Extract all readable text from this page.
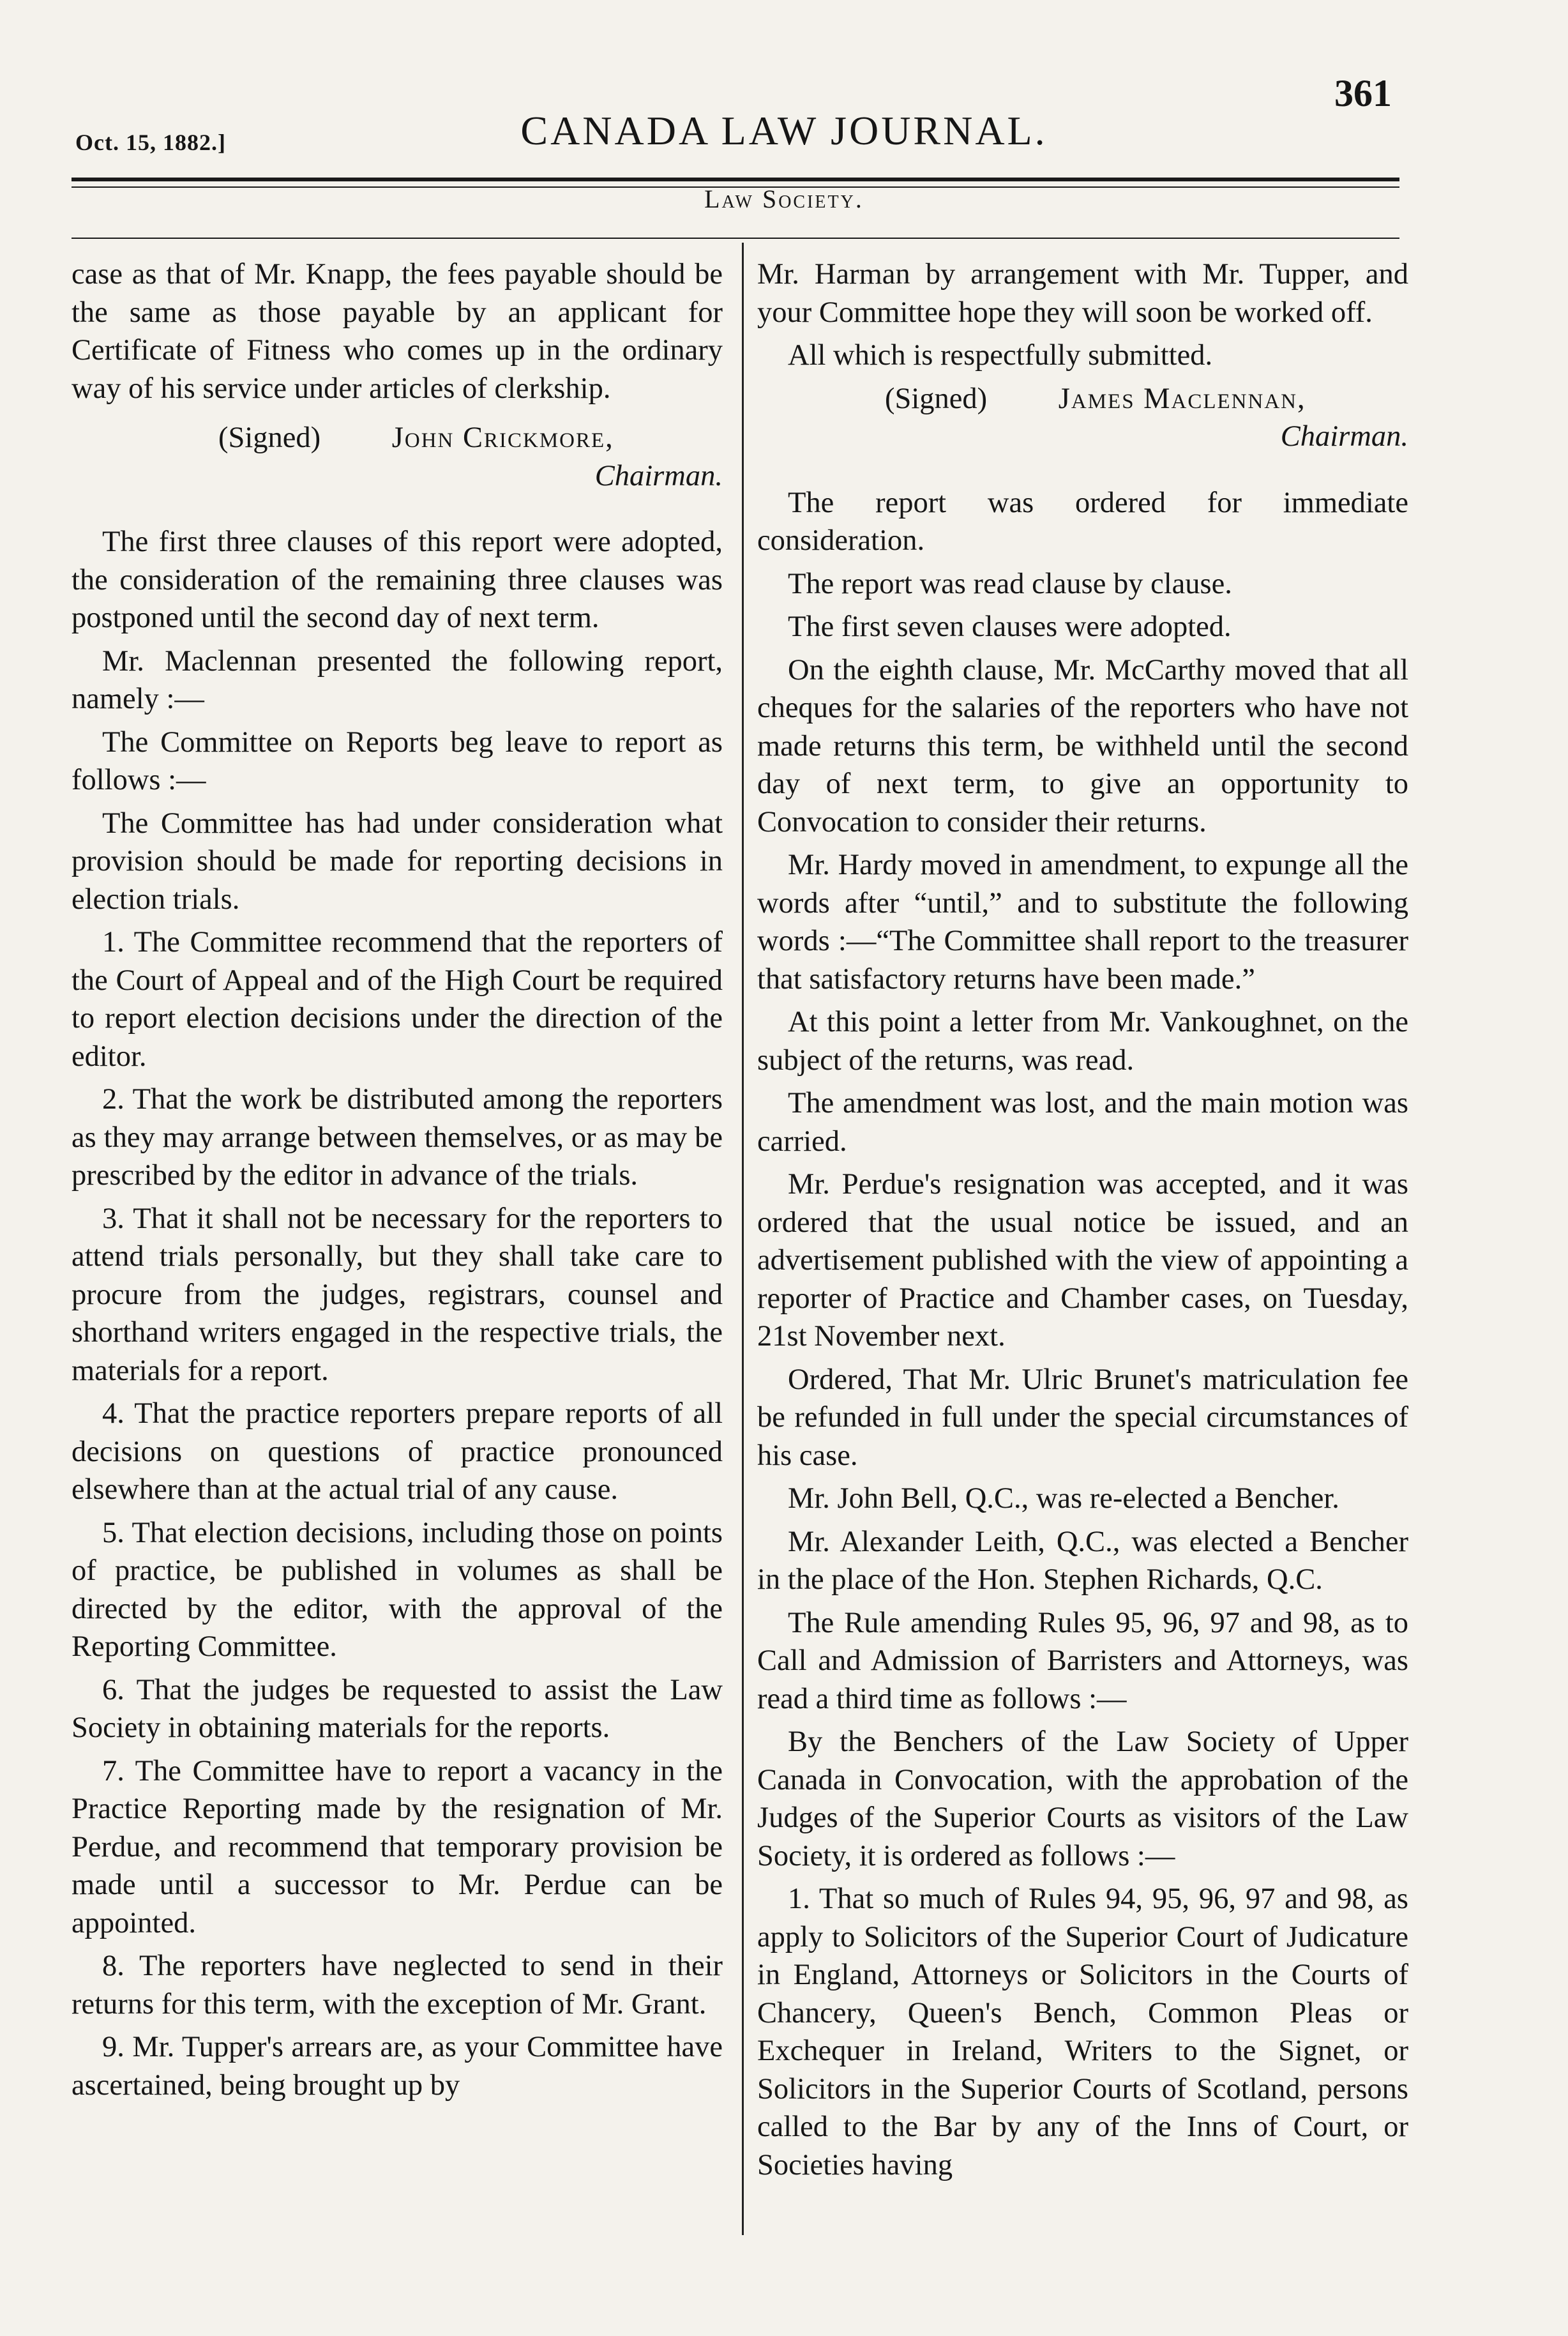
Oct. 15, 1882.]	CANADA LAW JOURNAL.
361
Law Society.

case as that of Mr. Knapp, the fees payable should be the same as those payable by an applicant for Certificate of Fitness who comes up in the ordinary way of his service under articles of clerkship.

(Signed) John Crickmore,
Chairman.

The first three clauses of this report were adopted, the consideration of the remaining three clauses was postponed until the second day of next term.

Mr. Maclennan presented the following report, namely :—

The Committee on Reports beg leave to report as follows :—

The Committee has had under consideration what provision should be made for reporting decisions in election trials.

1. The Committee recommend that the reporters of the Court of Appeal and of the High Court be required to report election decisions under the direction of the editor.

2. That the work be distributed among the reporters as they may arrange between themselves, or as may be prescribed by the editor in advance of the trials.

3. That it shall not be necessary for the reporters to attend trials personally, but they shall take care to procure from the judges, registrars, counsel and shorthand writers engaged in the respective trials, the materials for a report.

4. That the practice reporters prepare reports of all decisions on questions of practice pronounced elsewhere than at the actual trial of any cause.

5. That election decisions, including those on points of practice, be published in volumes as shall be directed by the editor, with the approval of the Reporting Committee.

6. That the judges be requested to assist the Law Society in obtaining materials for the reports.

7. The Committee have to report a vacancy in the Practice Reporting made by the resignation of Mr. Perdue, and recommend that temporary provision be made until a successor to Mr. Perdue can be appointed.

8. The reporters have neglected to send in their returns for this term, with the exception of Mr. Grant.

9. Mr. Tupper's arrears are, as your Committee have ascertained, being brought up by

Mr. Harman by arrangement with Mr. Tupper, and your Committee hope they will soon be worked off.

All which is respectfully submitted.

(Signed) James Maclennan,
Chairman.

The report was ordered for immediate consideration.

The report was read clause by clause.

The first seven clauses were adopted.

On the eighth clause, Mr. McCarthy moved that all cheques for the salaries of the reporters who have not made returns this term, be withheld until the second day of next term, to give an opportunity to Convocation to consider their returns.

Mr. Hardy moved in amendment, to expunge all the words after “until,” and to substitute the following words :—“The Committee shall report to the treasurer that satisfactory returns have been made.”

At this point a letter from Mr. Vankoughnet, on the subject of the returns, was read.

The amendment was lost, and the main motion was carried.

Mr. Perdue's resignation was accepted, and it was ordered that the usual notice be issued, and an advertisement published with the view of appointing a reporter of Practice and Chamber cases, on Tuesday, 21st November next.

Ordered, That Mr. Ulric Brunet's matriculation fee be refunded in full under the special circumstances of his case.

Mr. John Bell, Q.C., was re-elected a Bencher.

Mr. Alexander Leith, Q.C., was elected a Bencher in the place of the Hon. Stephen Richards, Q.C.

The Rule amending Rules 95, 96, 97 and 98, as to Call and Admission of Barristers and Attorneys, was read a third time as follows :—

By the Benchers of the Law Society of Upper Canada in Convocation, with the approbation of the Judges of the Superior Courts as visitors of the Law Society, it is ordered as follows :—

1. That so much of Rules 94, 95, 96, 97 and 98, as apply to Solicitors of the Superior Court of Judicature in England, Attorneys or Solicitors in the Courts of Chancery, Queen's Bench, Common Pleas or Exchequer in Ireland, Writers to the Signet, or Solicitors in the Superior Courts of Scotland, persons called to the Bar by any of the Inns of Court, or Societies having
